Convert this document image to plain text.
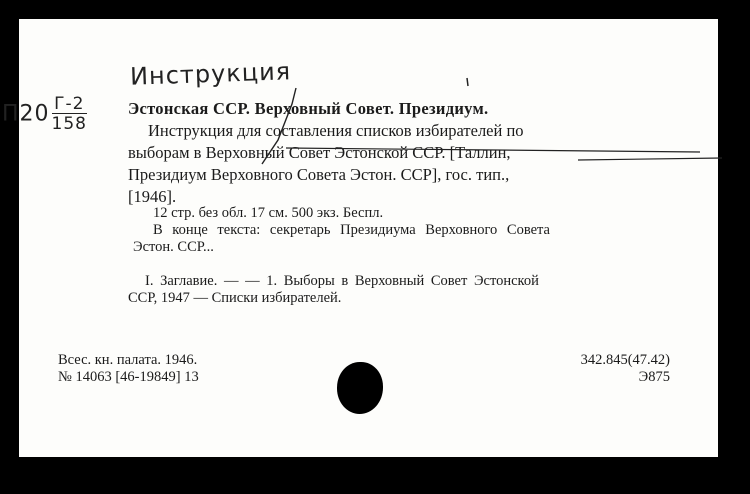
Инструкция
$П20 \frac{Г-2}{158}$	Эстонская ССР. Верховный Совет. Президиум.
Инструкция для составления списков избирателей по
выборам в Верховный Совет Эстонской ССР. [Таллин,
Президиум Верховного Совета Эстон. ССР], гос. тип.,
[1946].
12 стр. без обл. 17 см. 500 экз. Беспл.
В конце текста: секретарь Президиума Верховного Совета
Эстон. ССР...
I. Заглавие. — — 1. Выборы в Верховный Совет Эстонской
ССР, 1947 — Списки избирателей.
Всес. кн. палата. 1946.
№ 14063 [46-19849] 13
342.845(47.42)
Э875
